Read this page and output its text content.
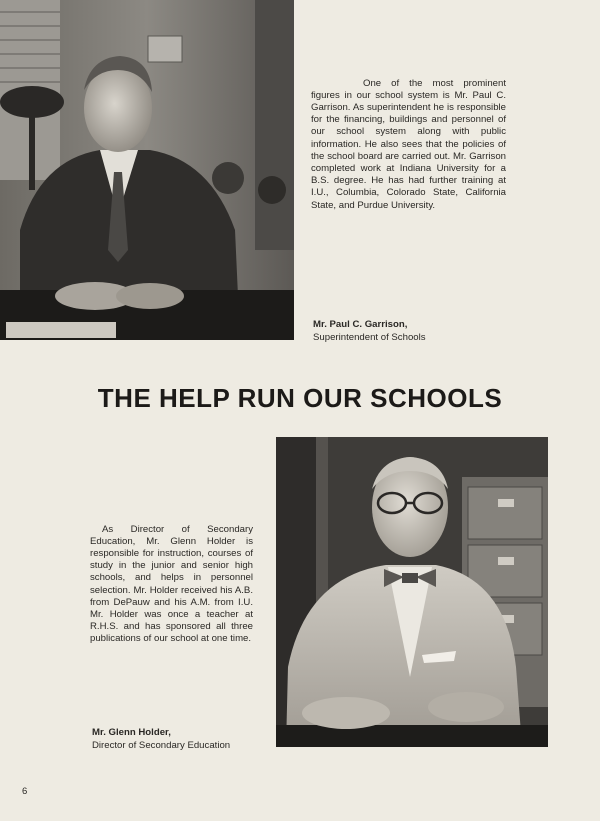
One of the most prominent figures in our school system is Mr. Paul C. Garrison. As superintendent he is responsible for the financing, buildings and personnel of our school system along with public information. He also sees that the policies of the school board are carried out. Mr. Garrison completed work at Indiana University for a B.S. degree. He has had further training at I.U., Columbia, Colorado State, California State, and Purdue University.

Mr. Paul C. Garrison,
Superintendent of Schools
THE HELP RUN OUR SCHOOLS

As Director of Secondary Education, Mr. Glenn Holder is responsible for instruction, courses of study in the junior and senior high schools, and helps in personnel selection. Mr. Holder received his A.B. from DePauw and his A.M. from I.U. Mr. Holder was once a teacher at R.H.S. and has sponsored all three publications of our school at one time.

Mr. Glenn Holder,
Director of Secondary Education
6
